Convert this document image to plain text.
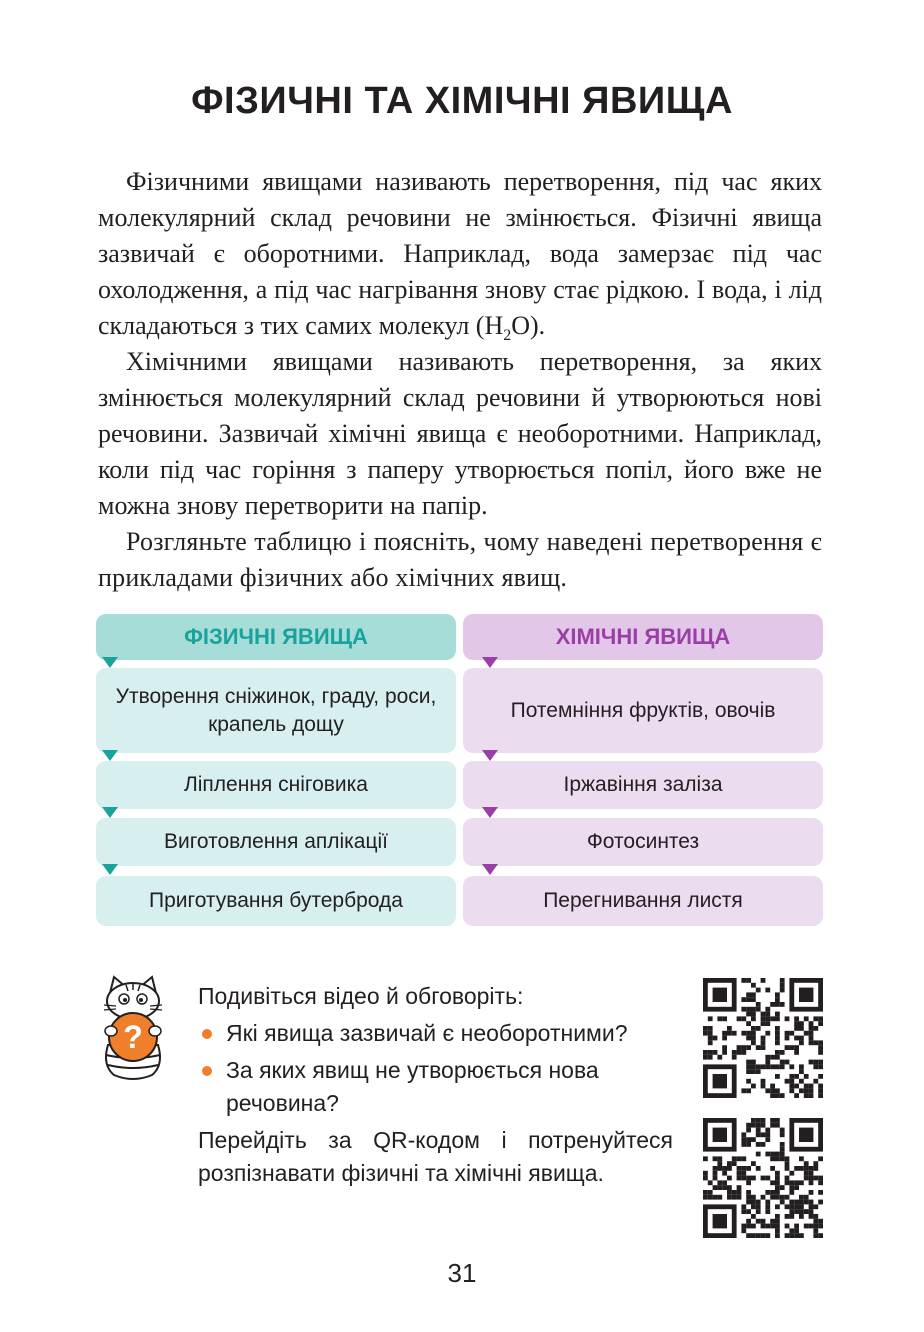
ФІЗИЧНІ ТА ХІМІЧНІ ЯВИЩА

Фізичними явищами називають перетворення, під час яких молекулярний склад речовини не змінюється. Фізичні явища зазвичай є оборотними. Наприклад, вода замерзає під час охолодження, а під час нагрівання знову стає рідкою. І вода, і лід складаються з тих самих молекул $(H_2O)$.

Хімічними явищами називають перетворення, за яких змінюється молекулярний склад речовини й утворюються нові речовини. Зазвичай хімічні явища є необоротними. Наприклад, коли під час горіння з паперу утворюється попіл, його вже не можна знову перетворити на папір.

Розгляньте таблицю і поясніть, чому наведені перетворення є прикладами фізичних або хімічних явищ.

ФІЗИЧНІ ЯВИЩА	ХІМІЧНІ ЯВИЩА
Утворення сніжинок, граду, роси, крапель дощу
Ліплення сніговика
Виготовлення аплікації
Приготування бутерброда
Потемніння фруктів, овочів
Іржавіння заліза
Фотосинтез
Перегнивання листя
?
Подивіться відео й обговоріть:
Які явища зазвичай є необоротними?
За яких явищ не утворюється нова речовина?
Перейдіть за QR-кодом і потренуйтеся розпізнавати фізичні та хімічні явища.
31
